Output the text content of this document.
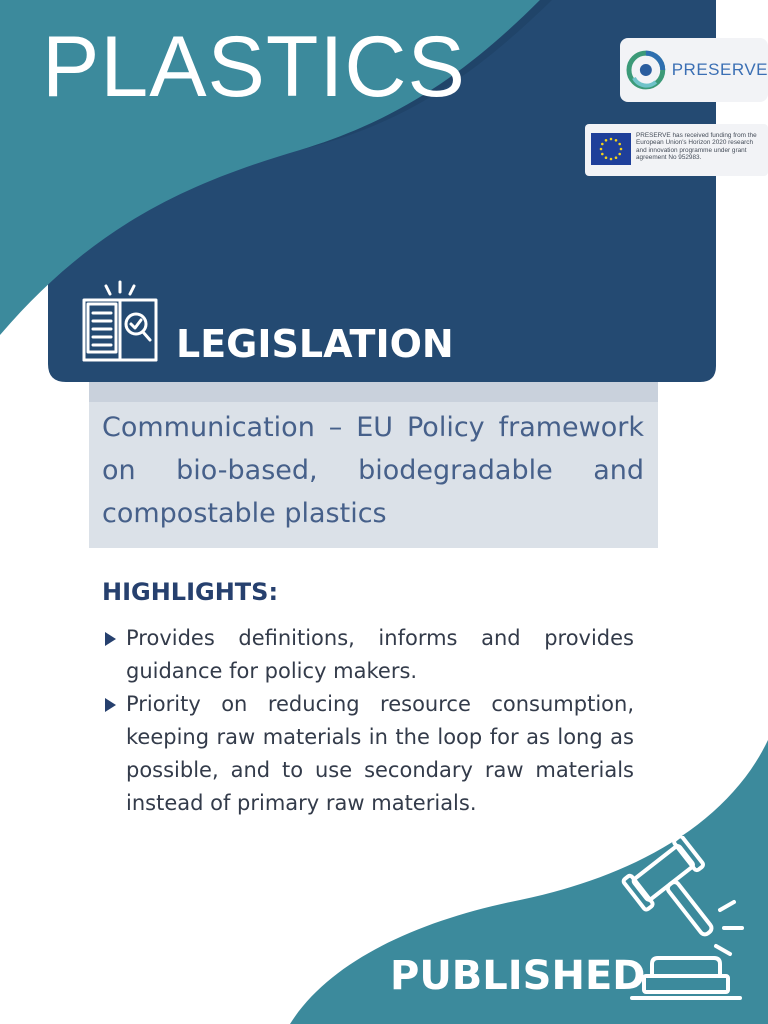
PLASTICS	PRESERVE
PRESERVE has received funding from the European Union's Horizon 2020 research and innovation programme under grant agreement No 952983.
LEGISLATION
Communication – EU Policy framework on bio-based, biodegradable and compostable plastics
HIGHLIGHTS:
Provides definitions, informs and provides guidance for policy makers.
Priority on reducing resource consumption, keeping raw materials in the loop for as long as possible, and to use secondary raw materials instead of primary raw materials.
PUBLISHED
